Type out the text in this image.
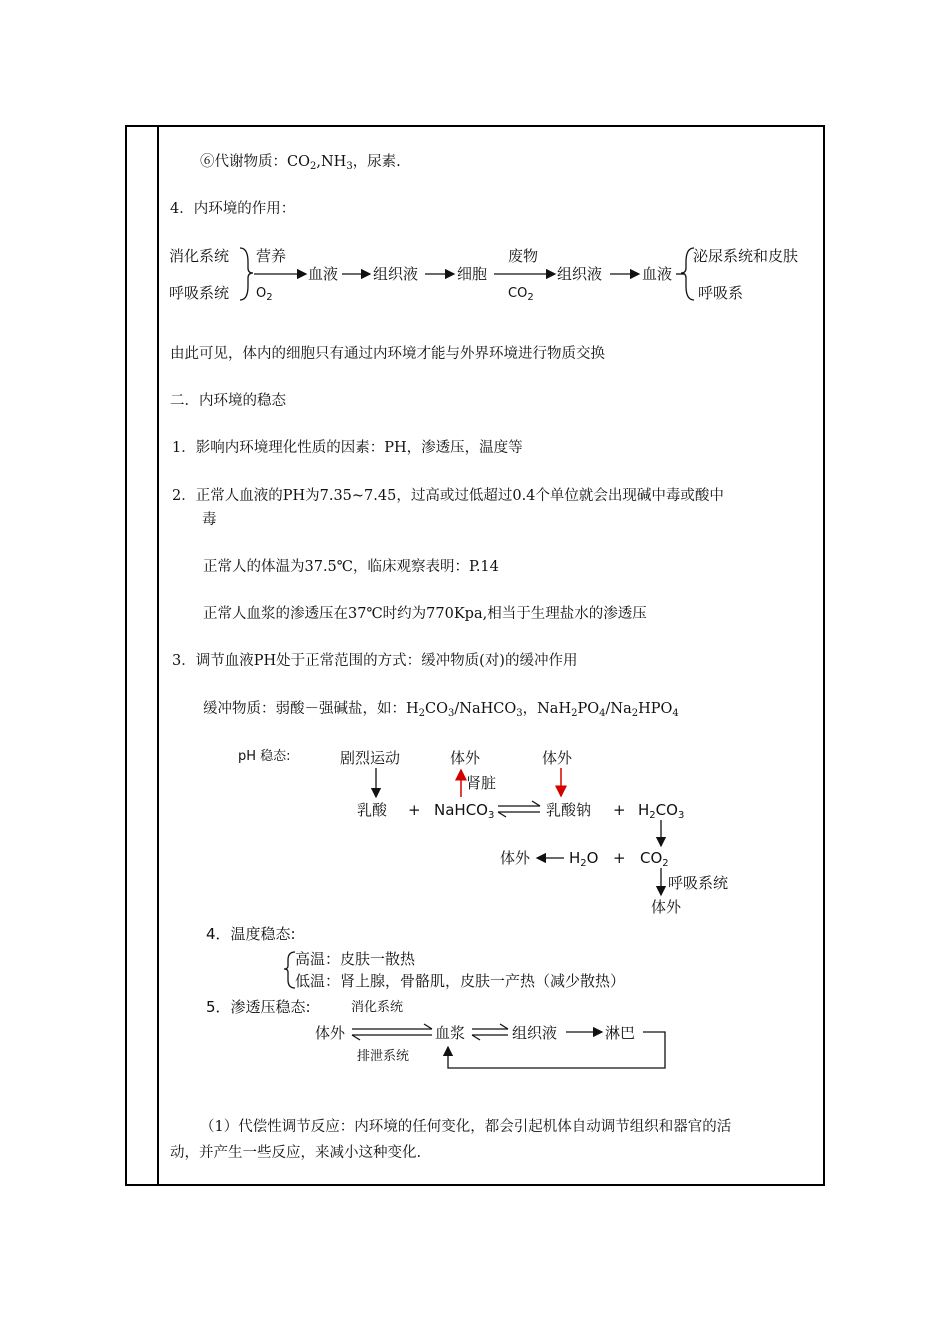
⑥代谢物质：$CO_2,NH_3$，尿素.
4．内环境的作用：
消化系统
呼吸系统
营养
$O_2$
血液 组织液	细胞
废物
$CO_2$
组织液	血液
泌尿系统和皮肤
呼吸系
由此可见，体内的细胞只有通过内环境才能与外界环境进行物质交换
二．内环境的稳态
1．影响内环境理化性质的因素：PH，渗透压，温度等
2．正常人血液的PH为7.35~7.45，过高或过低超过0.4个单位就会出现碱中毒或酸中
毒
正常人的体温为37.5℃，临床观察表明：P.14
正常人血浆的渗透压在37℃时约为770Kpa,相当于生理盐水的渗透压
3．调节血液PH处于正常范围的方式：缓冲物质(对)的缓冲作用
缓冲物质：弱酸－强碱盐，如：$H_2CO_3/NaHCO_3$，$NaH_2PO_4/Na_2HPO_4$
pH 稳态:	剧烈运动	体外
肾脏
体外
乳酸 + NaHCO$_3$	乳酸钠 + $H_2CO_3$
体外	$H_2O + CO_2$
呼吸系统
体外
4．温度稳态:
高温：皮肤一散热
低温：肾上腺，骨骼肌，皮肤一产热（减少散热）
5．渗透压稳态:	消化系统
体外	血浆	组织液	淋巴
排泄系统
（1）代偿性调节反应：内环境的任何变化，都会引起机体自动调节组织和器官的活
动，并产生一些反应，来减小这种变化.
